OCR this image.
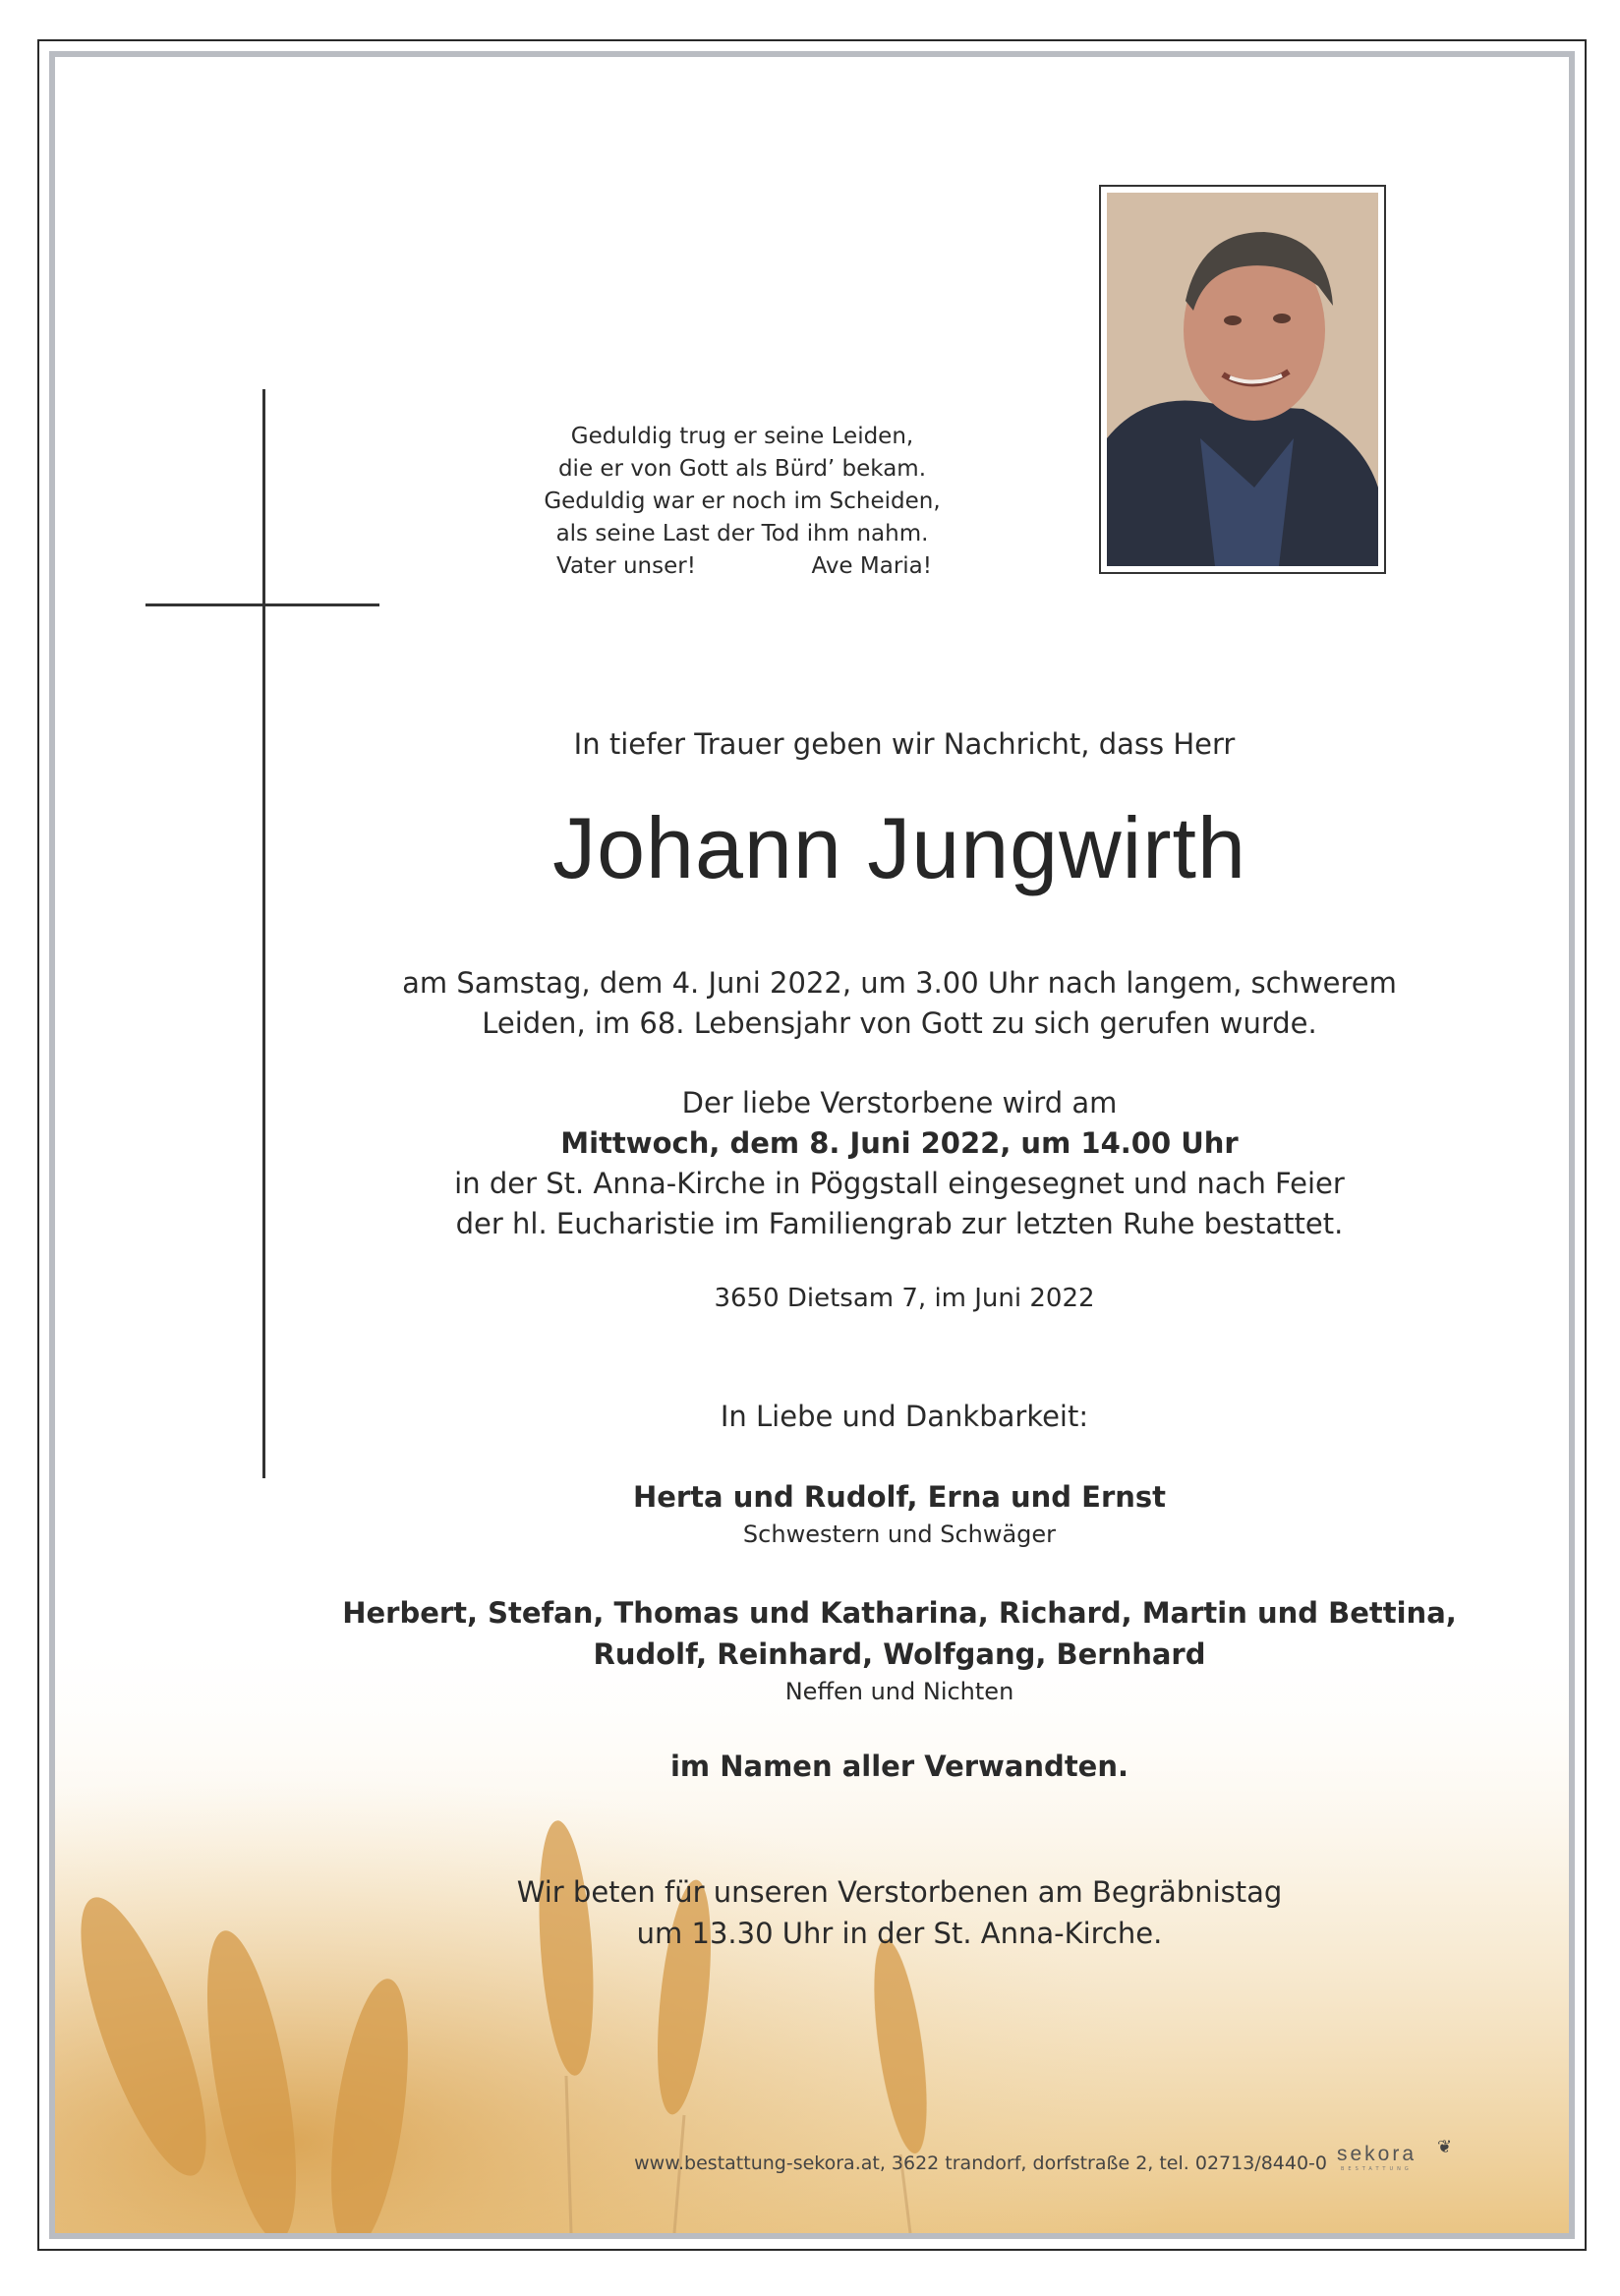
Geduldig trug er seine Leiden,
die er von Gott als Bürd’ bekam.
Geduldig war er noch im Scheiden,
als seine Last der Tod ihm nahm.
Vater unser!	Ave Maria!
In tiefer Trauer geben wir Nachricht, dass Herr
Johann Jungwirth
am Samstag, dem 4. Juni 2022, um 3.00 Uhr nach langem, schwerem
Leiden, im 68. Lebensjahr von Gott zu sich gerufen wurde.
Der liebe Verstorbene wird am
Mittwoch, dem 8. Juni 2022, um 14.00 Uhr
in der St. Anna-Kirche in Pöggstall eingesegnet und nach Feier
der hl. Eucharistie im Familiengrab zur letzten Ruhe bestattet.
3650 Dietsam 7, im Juni 2022
In Liebe und Dankbarkeit:
Herta und Rudolf, Erna und Ernst
Schwestern und Schwäger
Herbert, Stefan, Thomas und Katharina, Richard, Martin und Bettina,
Rudolf, Reinhard, Wolfgang, Bernhard
Neffen und Nichten
im Namen aller Verwandten.
Wir beten für unseren Verstorbenen am Begräbnistag
um 13.30 Uhr in der St. Anna-Kirche.
www.bestattung-sekora.at, 3622 trandorf, dorfstraße 2, tel. 02713/8440-0 sekora ❦
BESTATTUNG
